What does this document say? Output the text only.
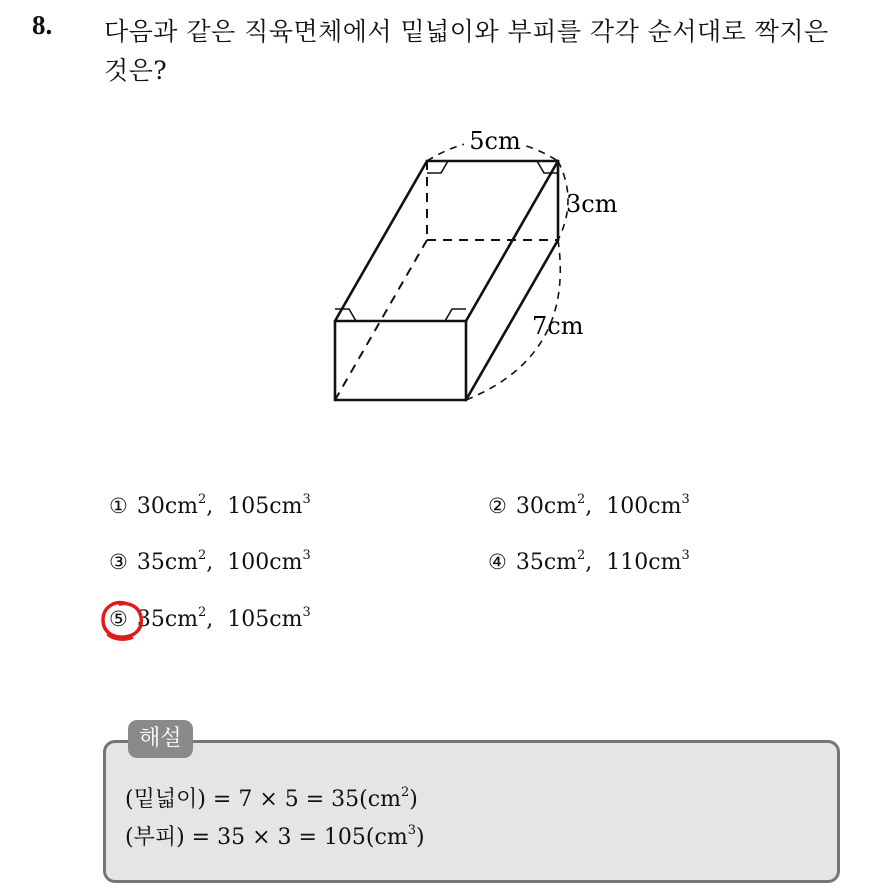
8. 다음과 같은 직육면체에서 밑넓이와 부피를 각각 순서대로 짝지은
것은?
5cm
3cm
7cm
① $30cm^2$,  $105cm^3$	② $30cm^2$,  $100cm^3$
③ $35cm^2$,  $100cm^3$	④ $35cm^2$,  $110cm^3$
⑤ $35cm^2$,  $105cm^3$
해설
(밑넓이) = $7 \times 5 = 35(cm^2)$
(부피) = $35 \times 3 = 105(cm^3)$
